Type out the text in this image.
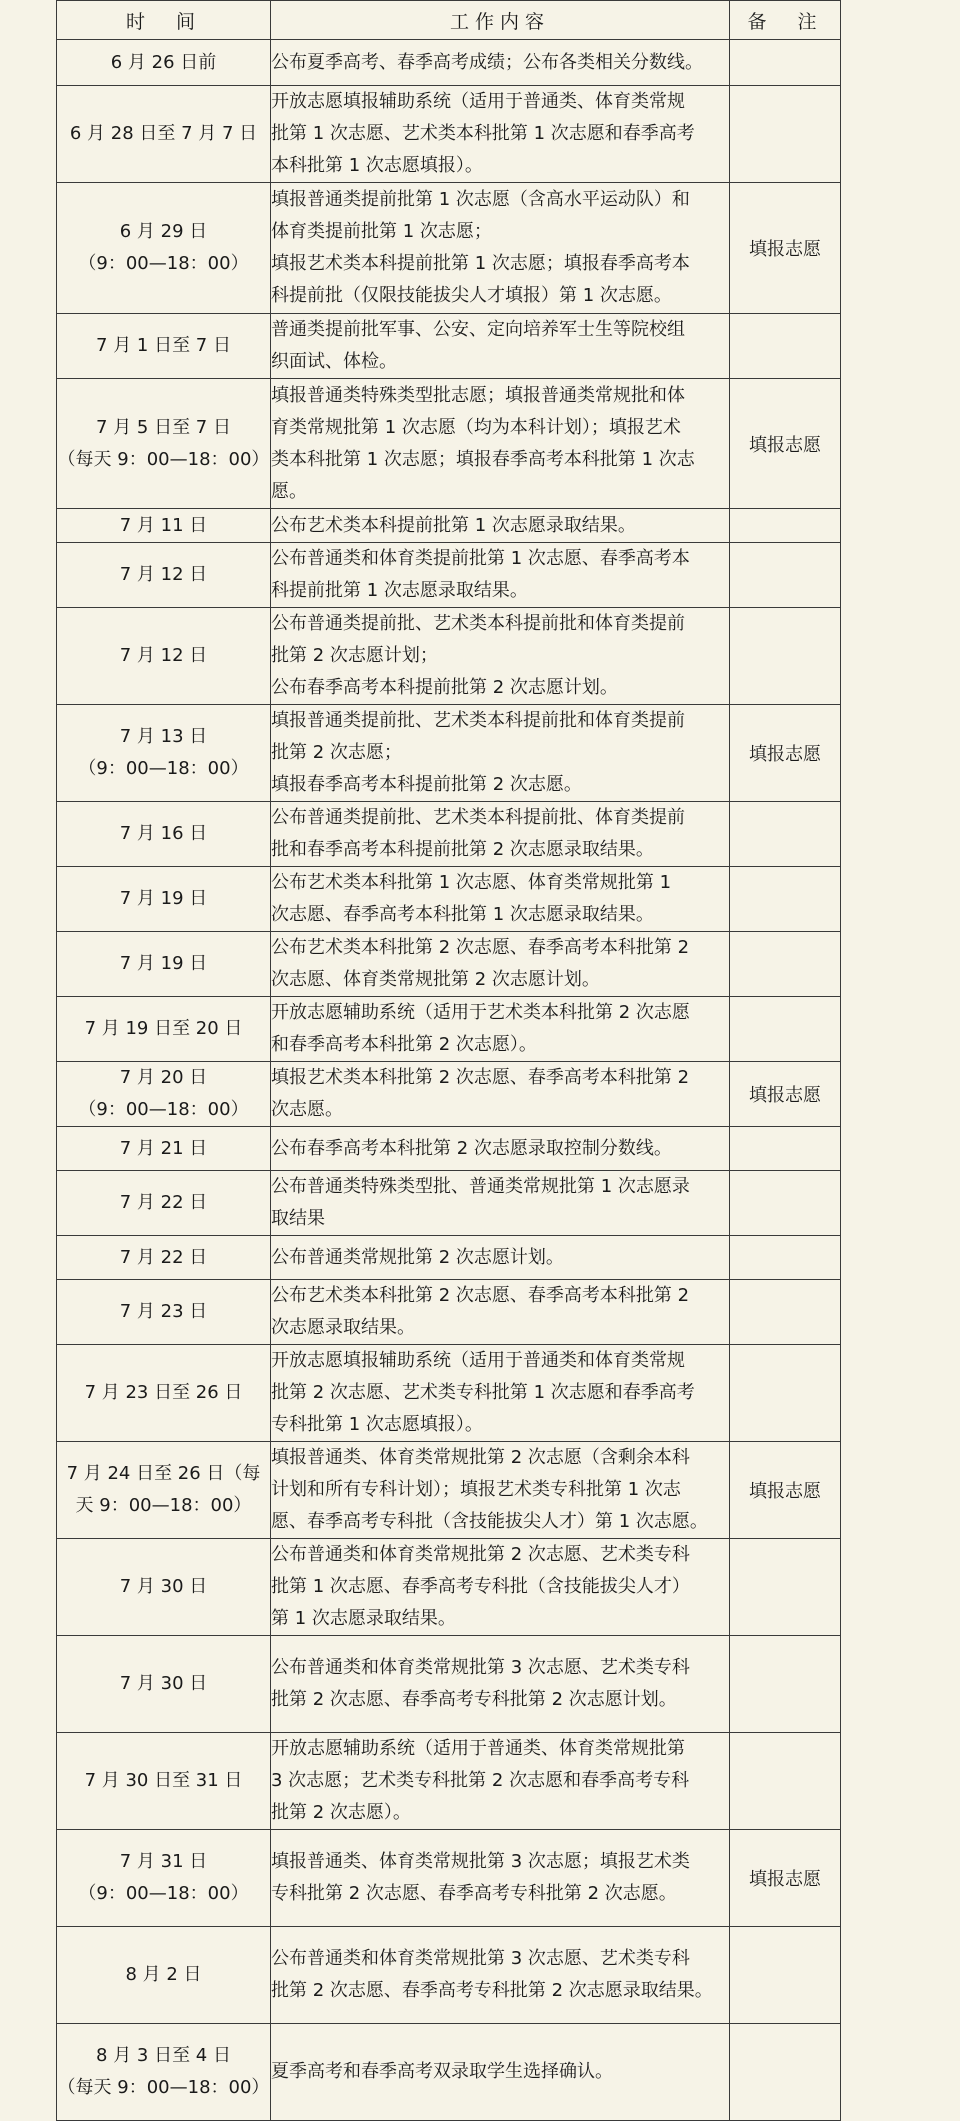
时　间	工作内容	备　注

6 月 26 日前	公布夏季高考、春季高考成绩；公布各类相关分数线。	

6 月 28 日至 7 月 7 日	开放志愿填报辅助系统（适用于普通类、体育类常规
批第 1 次志愿、艺术类本科批第 1 次志愿和春季高考
本科批第 1 次志愿填报）。	

6 月 29 日
（9：00—18：00）	填报普通类提前批第 1 次志愿（含高水平运动队）和
体育类提前批第 1 次志愿；
填报艺术类本科提前批第 1 次志愿；填报春季高考本
科提前批（仅限技能拔尖人才填报）第 1 次志愿。	填报志愿

7 月 1 日至 7 日	普通类提前批军事、公安、定向培养军士生等院校组
织面试、体检。	

7 月 5 日至 7 日
（每天 9：00—18：00）	填报普通类特殊类型批志愿；填报普通类常规批和体
育类常规批第 1 次志愿（均为本科计划）；填报艺术
类本科批第 1 次志愿；填报春季高考本科批第 1 次志
愿。	填报志愿

7 月 11 日	公布艺术类本科提前批第 1 次志愿录取结果。	

7 月 12 日	公布普通类和体育类提前批第 1 次志愿、春季高考本
科提前批第 1 次志愿录取结果。	

7 月 12 日	公布普通类提前批、艺术类本科提前批和体育类提前
批第 2 次志愿计划；
公布春季高考本科提前批第 2 次志愿计划。	

7 月 13 日
（9：00—18：00）	填报普通类提前批、艺术类本科提前批和体育类提前
批第 2 次志愿；
填报春季高考本科提前批第 2 次志愿。	填报志愿

7 月 16 日	公布普通类提前批、艺术类本科提前批、体育类提前
批和春季高考本科提前批第 2 次志愿录取结果。	

7 月 19 日	公布艺术类本科批第 1 次志愿、体育类常规批第 1
次志愿、春季高考本科批第 1 次志愿录取结果。	

7 月 19 日	公布艺术类本科批第 2 次志愿、春季高考本科批第 2
次志愿、体育类常规批第 2 次志愿计划。	

7 月 19 日至 20 日	开放志愿辅助系统（适用于艺术类本科批第 2 次志愿
和春季高考本科批第 2 次志愿）。	

7 月 20 日
（9：00—18：00）	填报艺术类本科批第 2 次志愿、春季高考本科批第 2
次志愿。	填报志愿

7 月 21 日	公布春季高考本科批第 2 次志愿录取控制分数线。	

7 月 22 日	公布普通类特殊类型批、普通类常规批第 1 次志愿录
取结果	

7 月 22 日	公布普通类常规批第 2 次志愿计划。	

7 月 23 日	公布艺术类本科批第 2 次志愿、春季高考本科批第 2
次志愿录取结果。	

7 月 23 日至 26 日	开放志愿填报辅助系统（适用于普通类和体育类常规
批第 2 次志愿、艺术类专科批第 1 次志愿和春季高考
专科批第 1 次志愿填报）。	

7 月 24 日至 26 日（每
天 9：00—18：00）	填报普通类、体育类常规批第 2 次志愿（含剩余本科
计划和所有专科计划）；填报艺术类专科批第 1 次志
愿、春季高考专科批（含技能拔尖人才）第 1 次志愿。	填报志愿

7 月 30 日	公布普通类和体育类常规批第 2 次志愿、艺术类专科
批第 1 次志愿、春季高考专科批（含技能拔尖人才）
第 1 次志愿录取结果。	

7 月 30 日	公布普通类和体育类常规批第 3 次志愿、艺术类专科
批第 2 次志愿、春季高考专科批第 2 次志愿计划。	

7 月 30 日至 31 日	开放志愿辅助系统（适用于普通类、体育类常规批第
3 次志愿；艺术类专科批第 2 次志愿和春季高考专科
批第 2 次志愿）。	

7 月 31 日
（9：00—18：00）	填报普通类、体育类常规批第 3 次志愿；填报艺术类
专科批第 2 次志愿、春季高考专科批第 2 次志愿。	填报志愿

8 月 2 日	公布普通类和体育类常规批第 3 次志愿、艺术类专科
批第 2 次志愿、春季高考专科批第 2 次志愿录取结果。	

8 月 3 日至 4 日
（每天 9：00—18：00）	夏季高考和春季高考双录取学生选择确认。	
